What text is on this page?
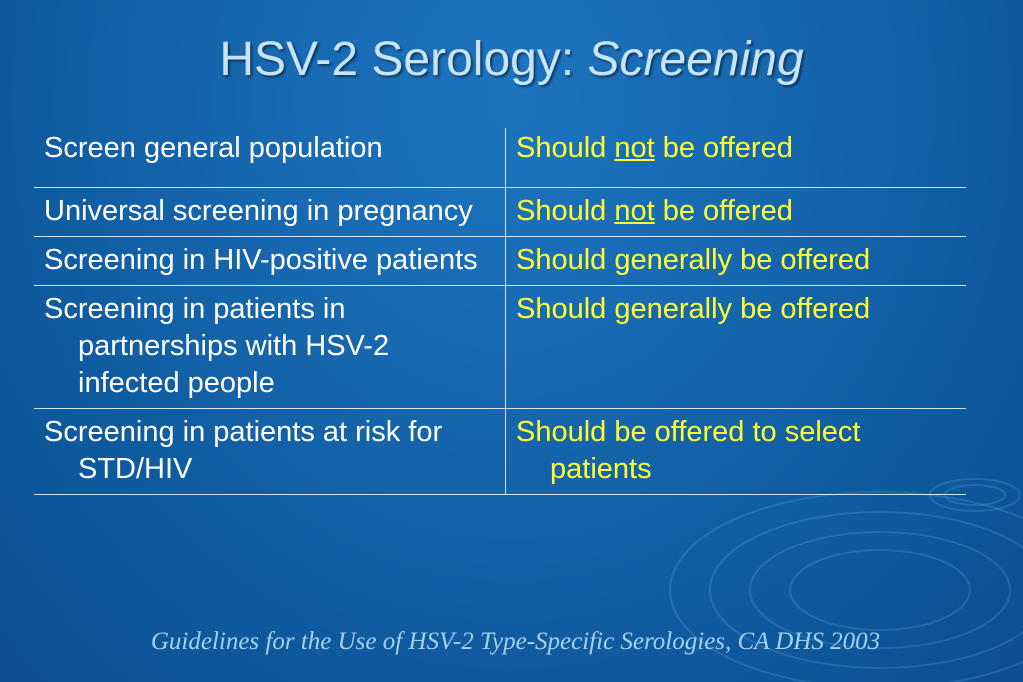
HSV-2 Serology: Screening
Screen general population	Should not be offered

Universal screening in pregnancy	Should not be offered

Screening in HIV-positive patients	Should generally be offered

Screening in patients in partnerships with HSV-2 infected people	Should generally be offered

Screening in patients at risk for STD/HIV	Should be offered to select patients
Guidelines for the Use of HSV-2 Type-Specific Serologies, CA DHS 2003
